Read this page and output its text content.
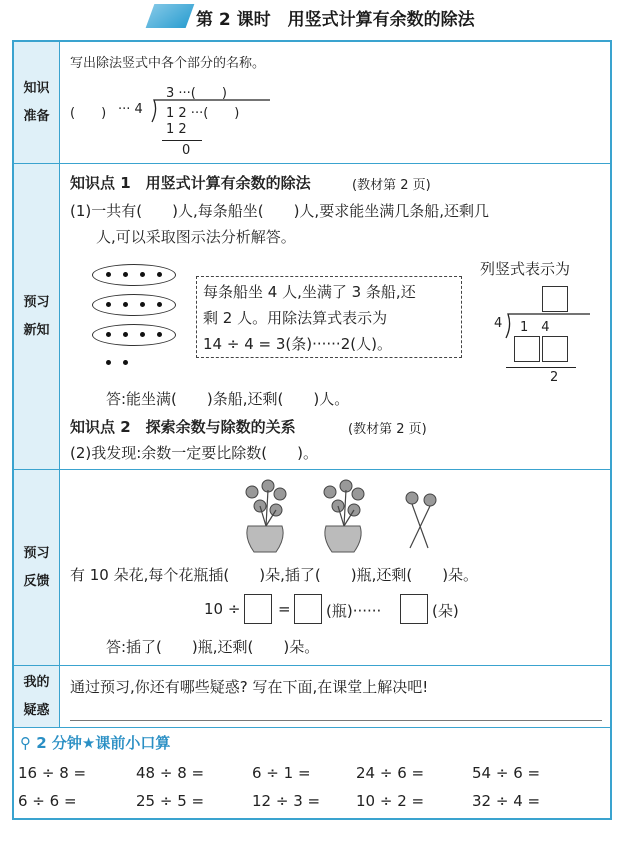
第 2 课时　用竖式计算有余数的除法
知识
准备
写出除法竖式中各个部分的名称。
3 ···(　　)
(　　) ··· 4 1 2 ···(　　)
1 2
0
预习
新知
知识点 1　用竖式计算有余数的除法	(教材第 2 页)
(1)一共有(　　)人,每条船坐(　　)人,要求能坐满几条船,还剩几
人,可以采取图示法分析解答。
每条船坐 4 人,坐满了 3 条船,还
剩 2 人。用除法算式表示为
14 ÷ 4 = 3(条)······2(人)。
列竖式表示为
4 1　4
2
答:能坐满(　　)条船,还剩(　　)人。
知识点 2　探索余数与除数的关系	(教材第 2 页)
(2)我发现:余数一定要比除数(　　)。
预习
反馈 有 10 朵花,每个花瓶插(　　)朵,插了(　　)瓶,还剩(　　)朵。
10 ÷	= (瓶)······	(朵)
答:插了(　　)瓶,还剩(　　)朵。
我的
疑惑
通过预习,你还有哪些疑惑? 写在下面,在课堂上解决吧!
⚲ 2 分钟★课前小口算
16 ÷ 8 =	48 ÷ 8 =	6 ÷ 1 =	24 ÷ 6 =	54 ÷ 6 =
6 ÷ 6 =	25 ÷ 5 =	12 ÷ 3 = 10 ÷ 2 =	32 ÷ 4 =
